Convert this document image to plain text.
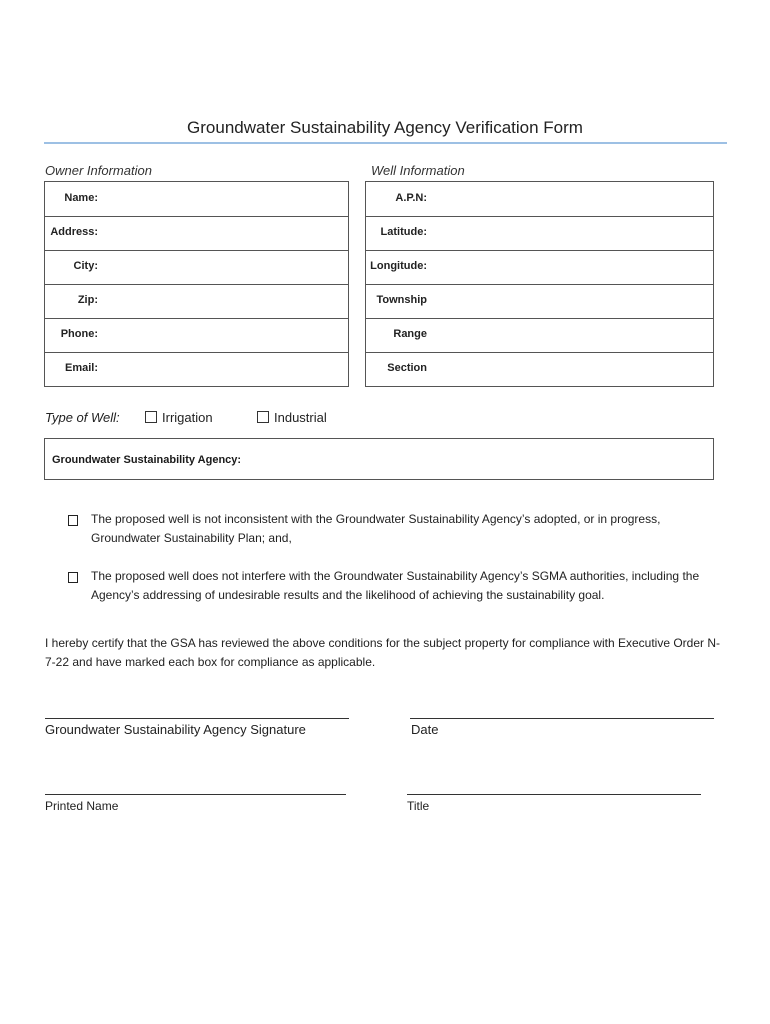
Groundwater Sustainability Agency Verification Form
Owner Information	Well Information
Name:
Address:
City:
Zip:
Phone:
Email:
A.P.N:
Latitude:
Longitude:
Township
Range
Section
Type of Well:	Irrigation	Industrial
Groundwater Sustainability Agency:
The proposed well is not inconsistent with the Groundwater Sustainability Agency’s adopted, or in progress, Groundwater Sustainability Plan; and,
The proposed well does not interfere with the Groundwater Sustainability Agency’s SGMA authorities, including the Agency’s addressing of undesirable results and the likelihood of achieving the sustainability goal.
I hereby certify that the GSA has reviewed the above conditions for the subject property for compliance with Executive Order N-7-22 and have marked each box for compliance as applicable.
Groundwater Sustainability Agency Signature	Date
Printed Name	Title
